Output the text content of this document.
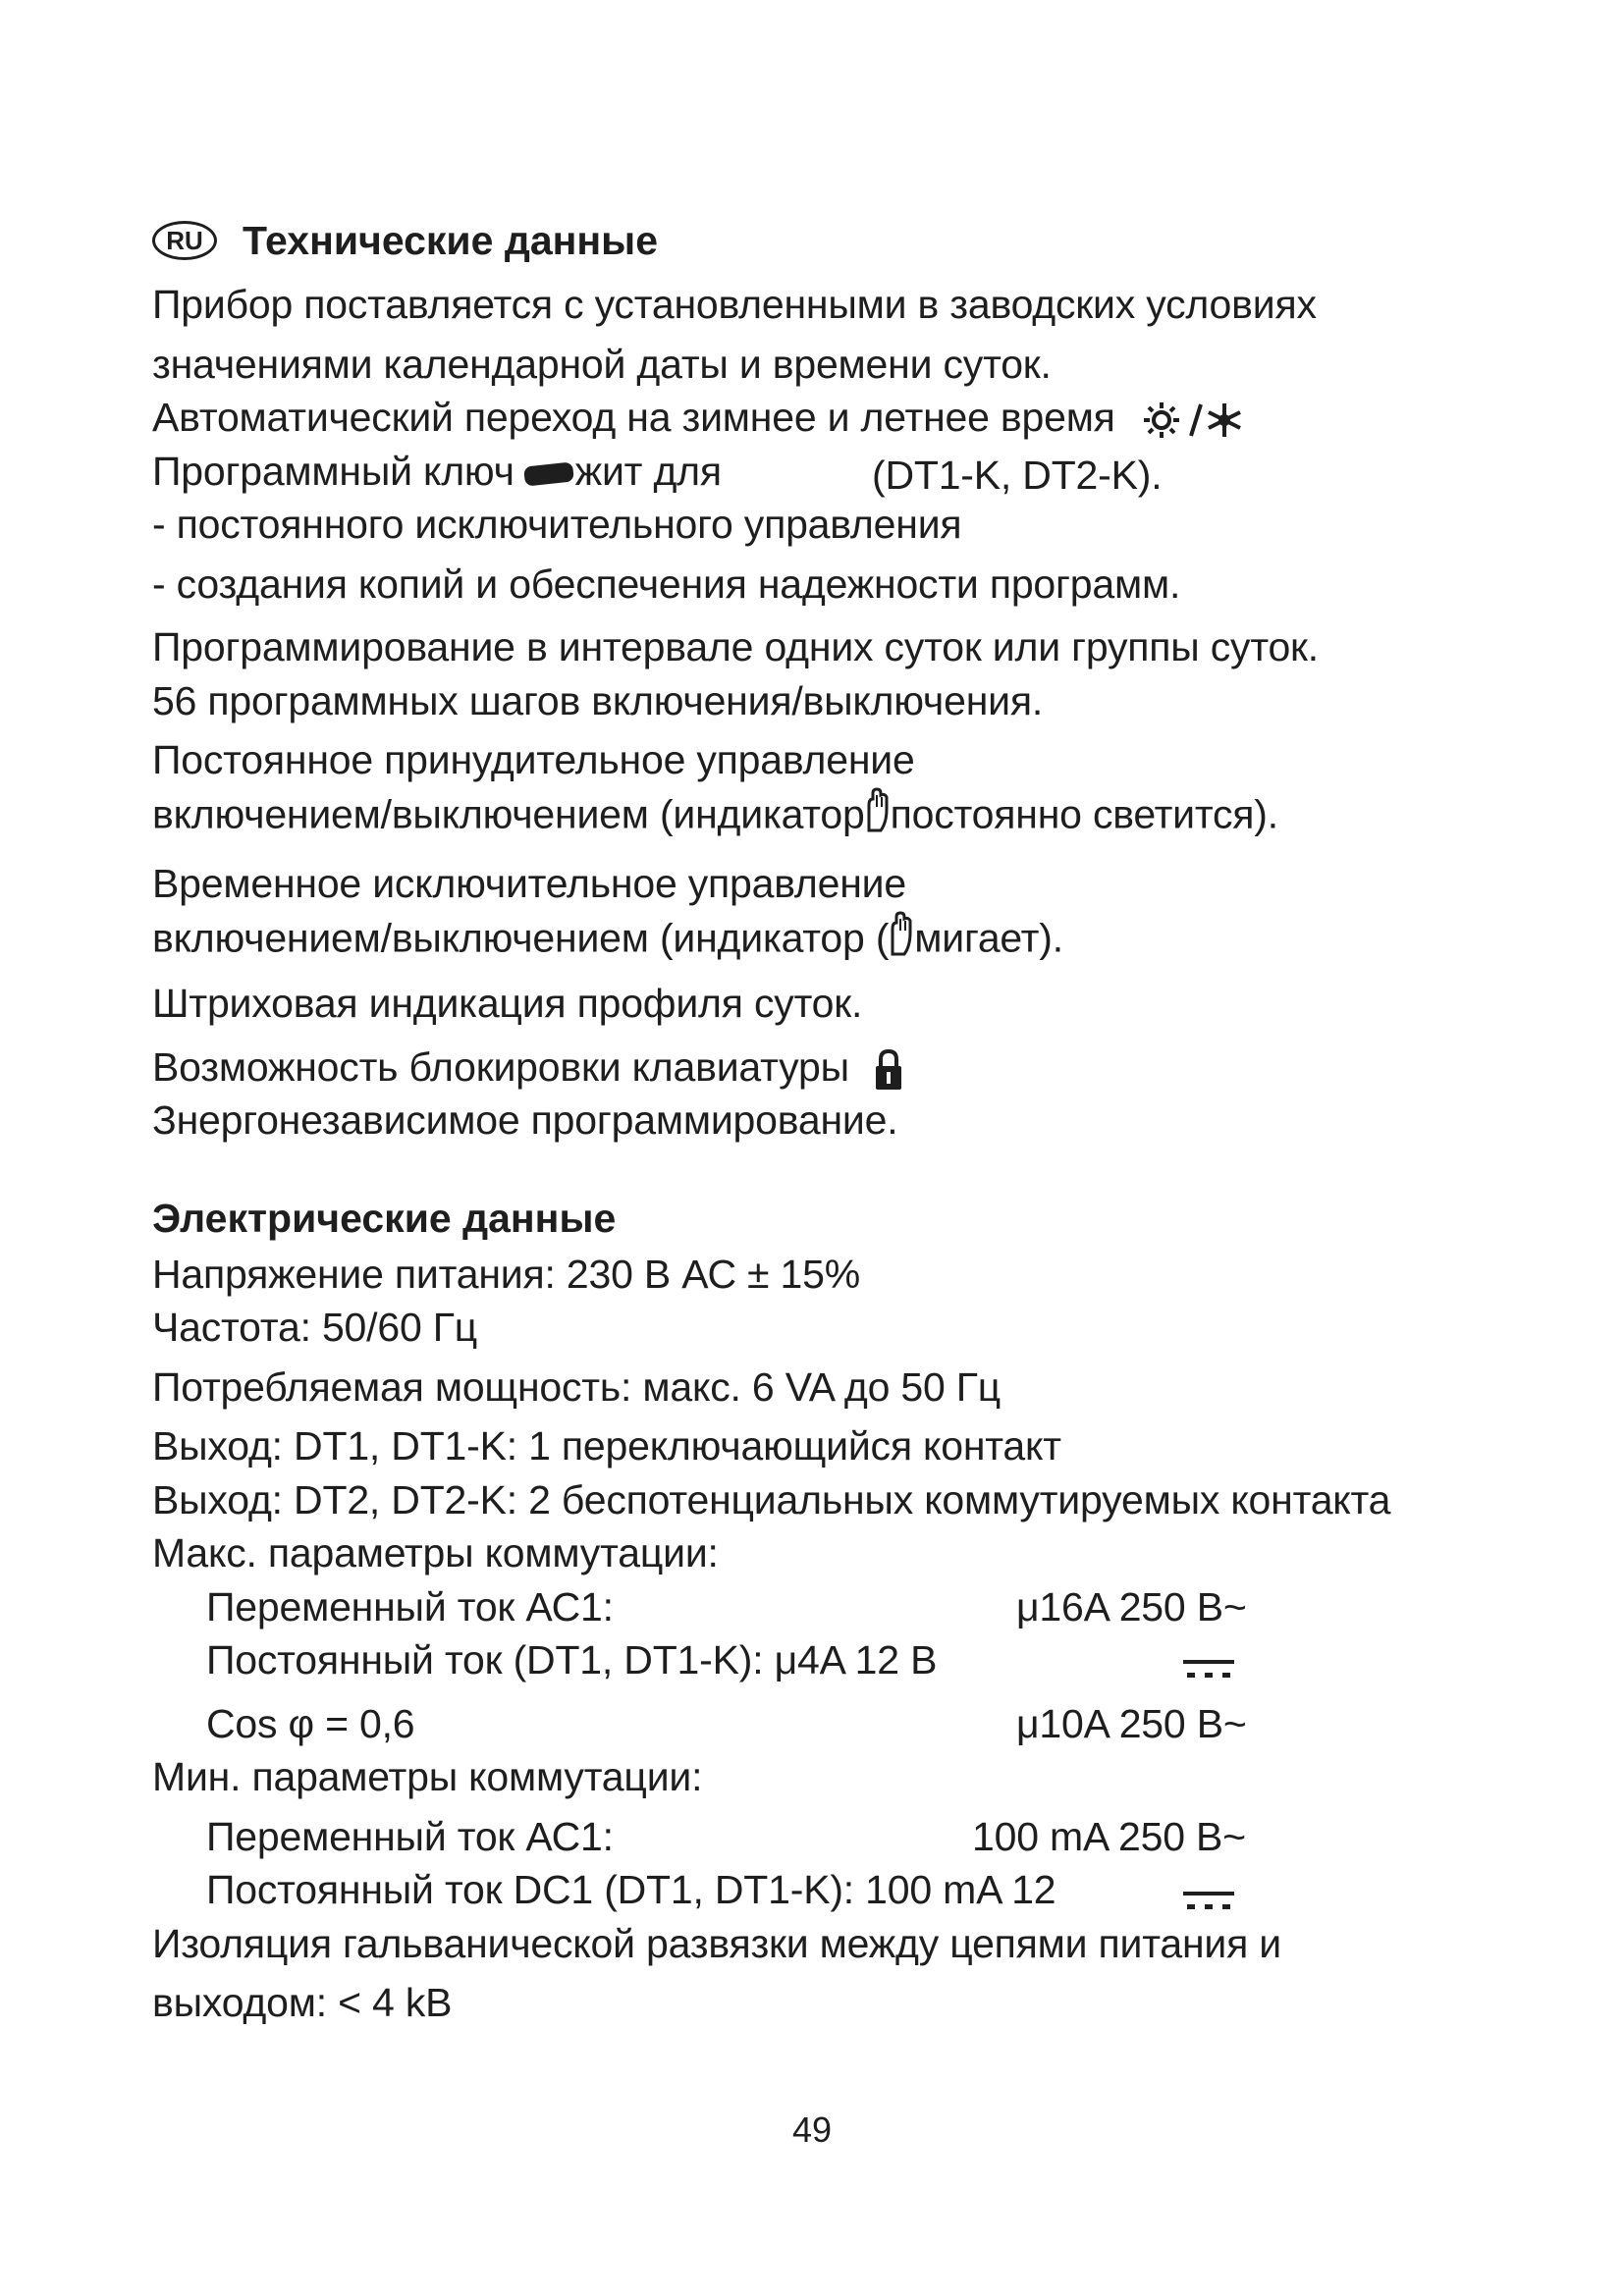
RU Технические данные
Прибор поставляется с установленными в заводских условиях
значениями календарной даты и времени суток.
Автоматический переход на зимнее и летнее время
Программный ключ жит для	(DT1-K, DT2-K).
- постоянного исключительного управления
- создания копий и обеспечения надежности программ.
Программирование в интервале одних суток или группы суток.
56 программных шагов включения/выключения.
Постоянное принудительное управление
включением/выключением (индикатор постоянно светится).
Временное исключительное управление
включением/выключением (индикатор ( мигает).
Штриховая индикация профиля суток.
Возможность блокировки клавиатуры
Знергонезависимое программирование.
Электрические данные
Напряжение питания: 230 В АС ± 15%
Частота: 50/60 Гц
Потребляемая мощность: макс. 6 VA до 50 Гц
Выход: DT1, DT1-K: 1 переключающийся контакт
Выход: DT2, DT2-K: 2 беспотенциальных коммутируемых контакта
Макс. параметры коммутации:
Переменный ток АС1:	μ16A 250 В~
Постоянный ток (DT1, DT1-K): μ4A 12 В
Cos φ = 0,6	μ10A 250 В~
Мин. параметры коммутации:
Переменный ток АС1:	100 mA 250 В~
Постоянный ток DC1 (DT1, DT1-K): 100 mA 12
Изоляция гальванической развязки между цепями питания и
выходом: < 4 kB
49
